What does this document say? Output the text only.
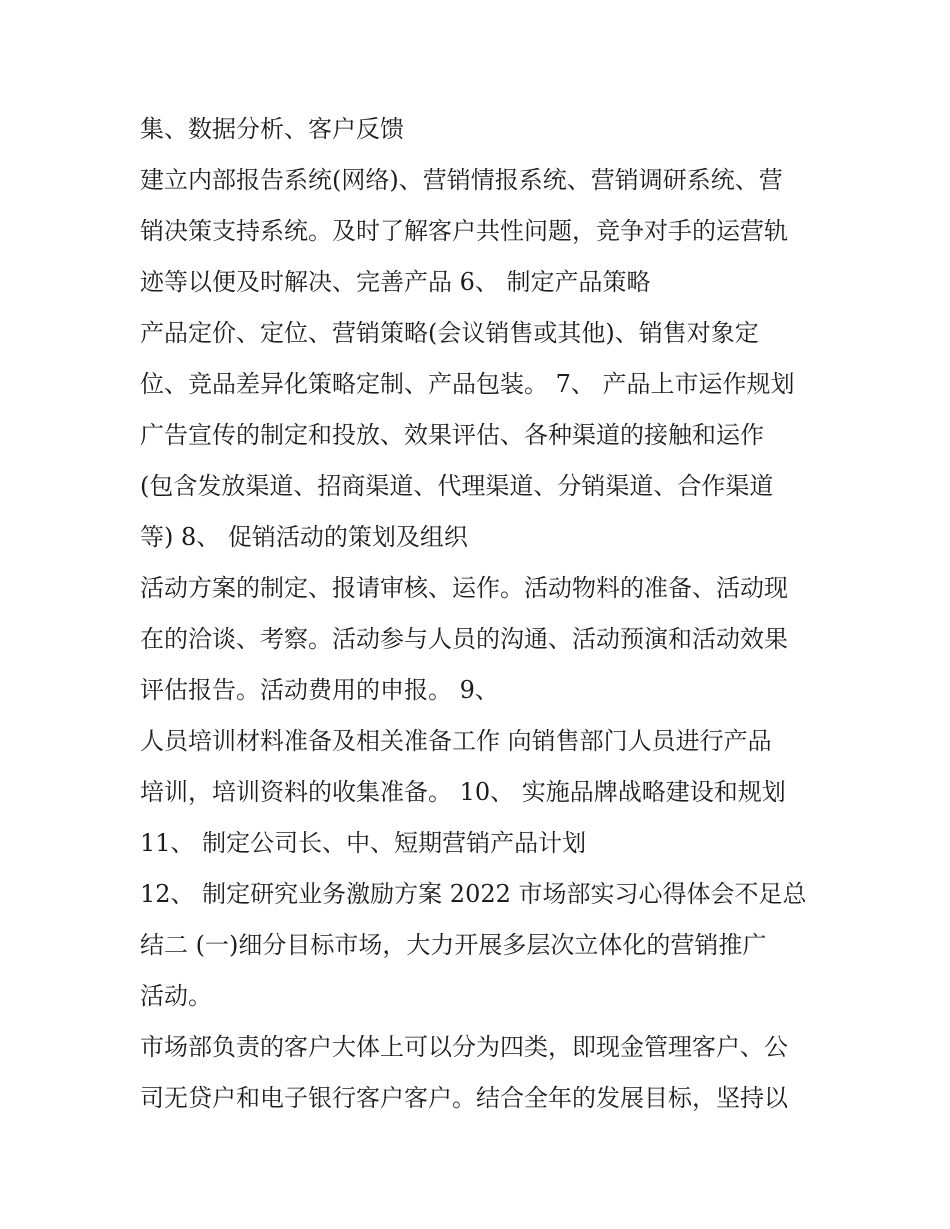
集、数据分析、客户反馈
建立内部报告系统(网络)、营销情报系统、营销调研系统、营
销决策支持系统。及时了解客户共性问题，竞争对手的运营轨
迹等以便及时解决、完善产品 6、 制定产品策略
产品定价、定位、营销策略(会议销售或其他)、销售对象定
位、竞品差异化策略定制、产品包装。 7、 产品上市运作规划
广告宣传的制定和投放、效果评估、各种渠道的接触和运作
(包含发放渠道、招商渠道、代理渠道、分销渠道、合作渠道
等) 8、 促销活动的策划及组织
活动方案的制定、报请审核、运作。活动物料的准备、活动现
在的洽谈、考察。活动参与人员的沟通、活动预演和活动效果
评估报告。活动费用的申报。 9、
人员培训材料准备及相关准备工作 向销售部门人员进行产品
培训，培训资料的收集准备。 10、 实施品牌战略建设和规划
11、 制定公司长、中、短期营销产品计划
12、 制定研究业务激励方案 2022 市场部实习心得体会不足总
结二 (一)细分目标市场，大力开展多层次立体化的营销推广
活动。
市场部负责的客户大体上可以分为四类，即现金管理客户、公
司无贷户和电子银行客户客户。结合全年的发展目标，坚持以
